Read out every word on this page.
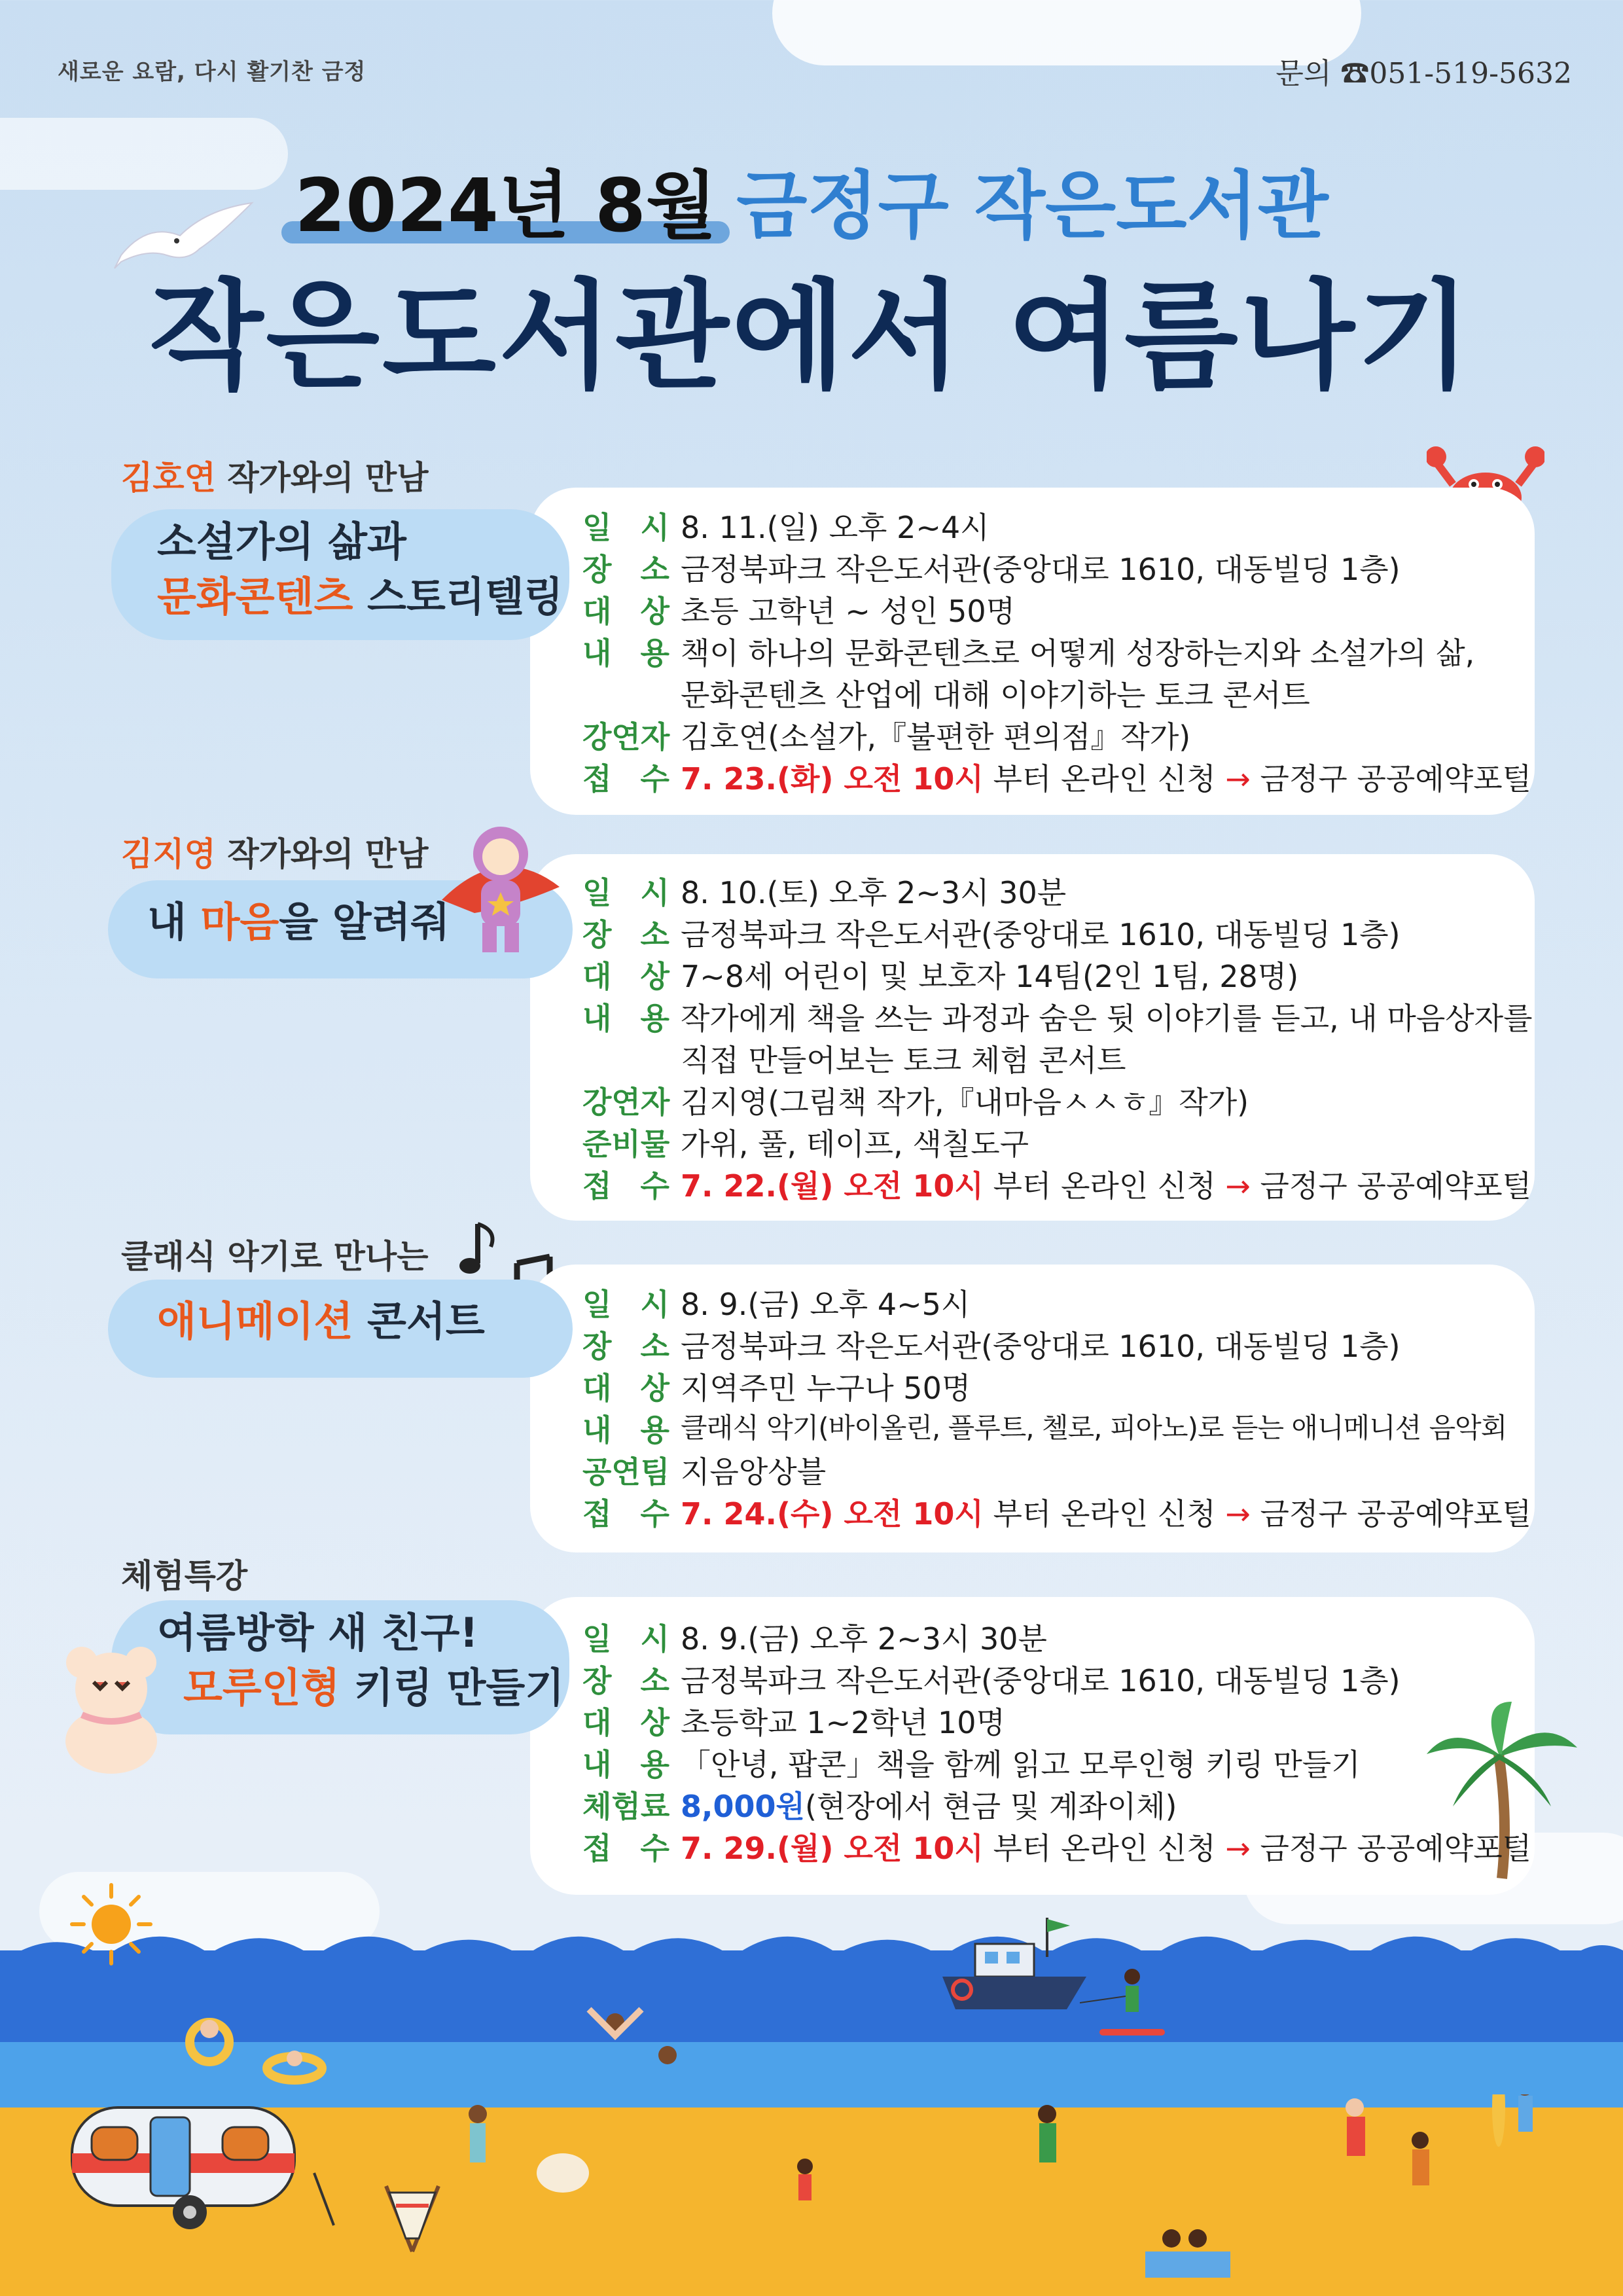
새로운 요람, 다시 활기찬 금정	문의 ☎051-519-5632
2024년 8월 금정구 작은도서관
작은도서관에서 여름나기
김호연 작가와의 만남
소설가의 삶과
문화콘텐츠 스토리텔링
일 시 8. 11.(일) 오후 2~4시
장 소 금정북파크 작은도서관(중앙대로 1610, 대동빌딩 1층)
대 상 초등 고학년 ~ 성인 50명
내 용 책이 하나의 문화콘텐츠로 어떻게 성장하는지와 소설가의 삶,
문화콘텐츠 산업에 대해 이야기하는 토크 콘서트
강연자 김호연(소설가,『불편한 편의점』작가)
접 수 7. 23.(화) 오전 10시 부터 온라인 신청 → 금정구 공공예약포털
김지영 작가와의 만남
내 마음을 알려줘
일 시 8. 10.(토) 오후 2~3시 30분
장 소 금정북파크 작은도서관(중앙대로 1610, 대동빌딩 1층)
대 상 7~8세 어린이 및 보호자 14팀(2인 1팀, 28명)
내 용 작가에게 책을 쓰는 과정과 숨은 뒷 이야기를 듣고, 내 마음상자를
직접 만들어보는 토크 체험 콘서트
강연자 김지영(그림책 작가,『내마음ㅅㅅㅎ』작가)
준비물 가위, 풀, 테이프, 색칠도구
접 수 7. 22.(월) 오전 10시 부터 온라인 신청 → 금정구 공공예약포털
클래식 악기로 만나는
애니메이션 콘서트	일 시 8. 9.(금) 오후 4~5시
장 소 금정북파크 작은도서관(중앙대로 1610, 대동빌딩 1층)
대 상 지역주민 누구나 50명
내 용 클래식 악기(바이올린, 플루트, 첼로, 피아노)로 듣는 애니메니션 음악회
공연팀 지음앙상블
접 수 7. 24.(수) 오전 10시 부터 온라인 신청 → 금정구 공공예약포털
체험특강
여름방학 새 친구!
모루인형 키링 만들기
일 시 8. 9.(금) 오후 2~3시 30분
장 소 금정북파크 작은도서관(중앙대로 1610, 대동빌딩 1층)
대 상 초등학교 1~2학년 10명
내 용 「안녕, 팝콘」책을 함께 읽고 모루인형 키링 만들기
체험료 8,000원(현장에서 현금 및 계좌이체)
접 수 7. 29.(월) 오전 10시 부터 온라인 신청 → 금정구 공공예약포털
